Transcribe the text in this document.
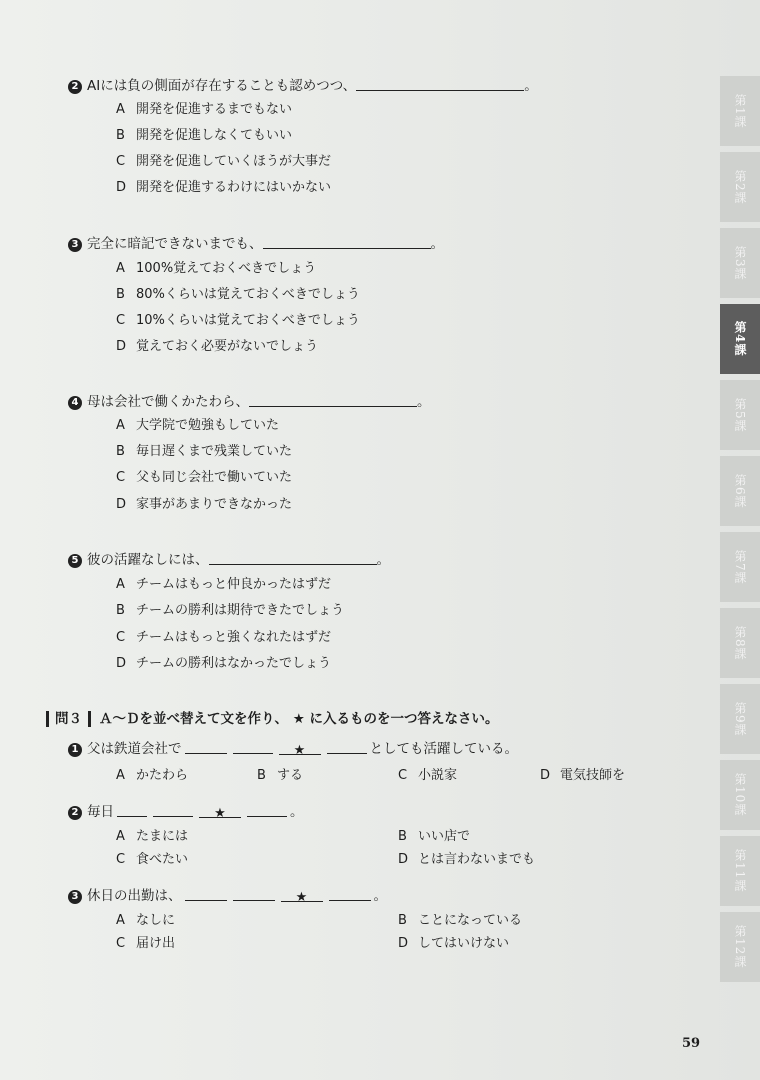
2 AIには負の側面が存在することも認めつつ、	。
A 開発を促進するまでもない
B 開発を促進しなくてもいい
C 開発を促進していくほうが大事だ
D 開発を促進するわけにはいかない
3 完全に暗記できないまでも、	。
A 100%覚えておくべきでしょう
B 80%くらいは覚えておくべきでしょう
C 10%くらいは覚えておくべきでしょう
D 覚えておく必要がないでしょう
4 母は会社で働くかたわら、	。
A 大学院で勉強もしていた
B 毎日遅くまで残業していた
C 父も同じ会社で働いていた
D 家事があまりできなかった
5 彼の活躍なしには、	。
A チームはもっと仲良かったはずだ
B チームの勝利は期待できたでしょう
C チームはもっと強くなれたはずだ
D チームの勝利はなかったでしょう
問３ Ａ～Ｄを並べ替えて文を作り、 ★ に入るものを一つ答えなさい。
1 父は鉄道会社で ★	としても活躍している。
A かたわら	B する	C 小説家	D 電気技師を
2 毎日 ★	。
A たまには	B いい店で
C 食べたい	D とは言わないまでも
3 休日の出勤は、 ★	。
A なしに	B ことになっている
C 届け出	D してはいけない
第1課
第2課
第3課
第4課
第5課
第6課
第7課
第8課
第9課
第10課
第11課
第12課
59
